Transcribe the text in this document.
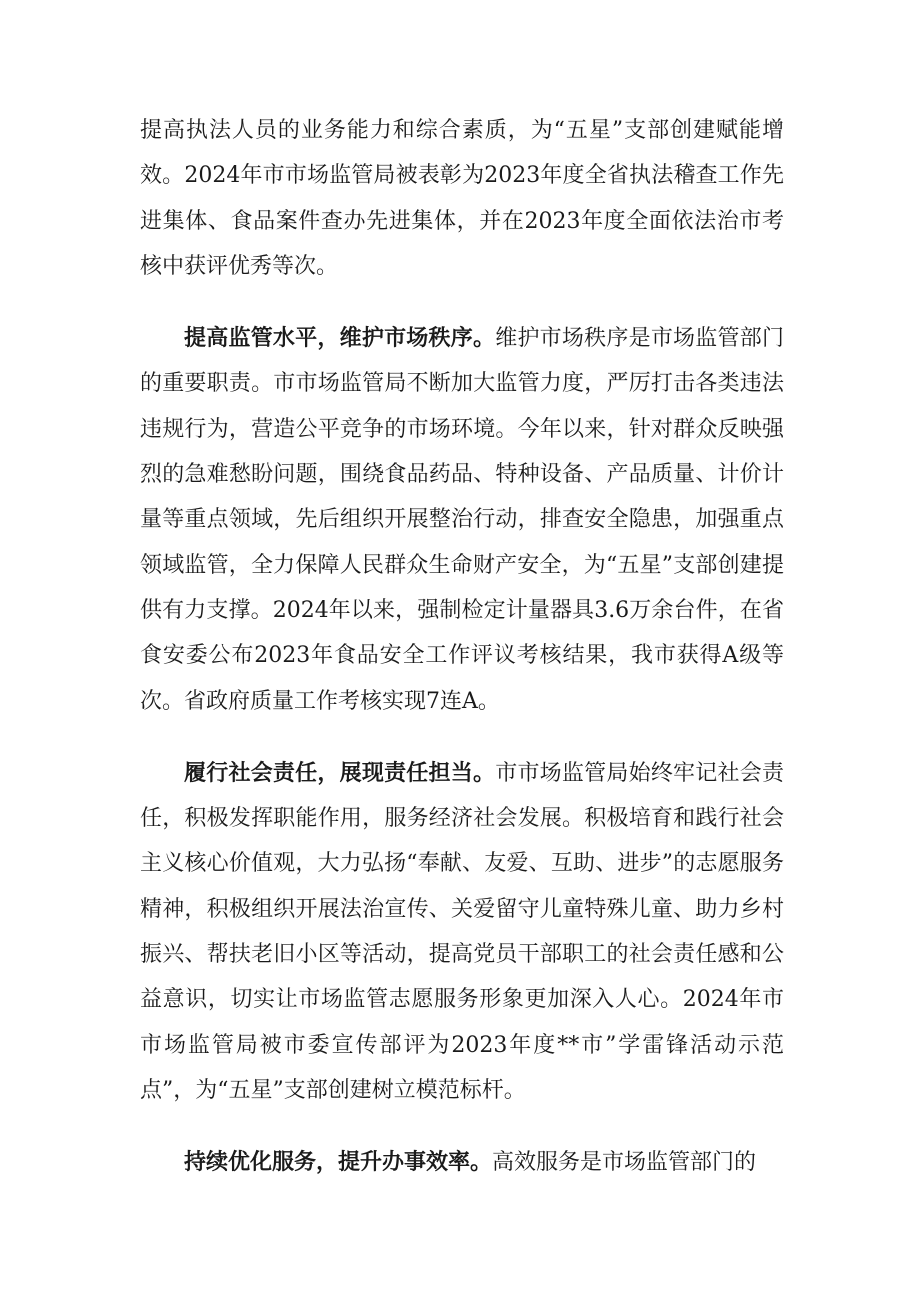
提高执法人员的业务能力和综合素质，为“五星”支部创建赋能增效。2024年市市场监管局被表彰为2023年度全省执法稽查工作先进集体、食品案件查办先进集体，并在2023年度全面依法治市考核中获评优秀等次。

提高监管水平，维护市场秩序。维护市场秩序是市场监管部门的重要职责。市市场监管局不断加大监管力度，严厉打击各类违法违规行为，营造公平竞争的市场环境。今年以来，针对群众反映强烈的急难愁盼问题，围绕食品药品、特种设备、产品质量、计价计量等重点领域，先后组织开展整治行动，排查安全隐患，加强重点领域监管，全力保障人民群众生命财产安全，为“五星”支部创建提供有力支撑。2024年以来，强制检定计量器具3.6万余台件，在省食安委公布2023年食品安全工作评议考核结果，我市获得A级等次。省政府质量工作考核实现7连A。

履行社会责任，展现责任担当。市市场监管局始终牢记社会责任，积极发挥职能作用，服务经济社会发展。积极培育和践行社会主义核心价值观，大力弘扬“奉献、友爱、互助、进步”的志愿服务精神，积极组织开展法治宣传、关爱留守儿童特殊儿童、助力乡村振兴、帮扶老旧小区等活动，提高党员干部职工的社会责任感和公益意识，切实让市场监管志愿服务形象更加深入人心。2024年市市场监管局被市委宣传部评为2023年度**市”学雷锋活动示范点”，为“五星”支部创建树立模范标杆。

持续优化服务，提升办事效率。高效服务是市场监管部门的
